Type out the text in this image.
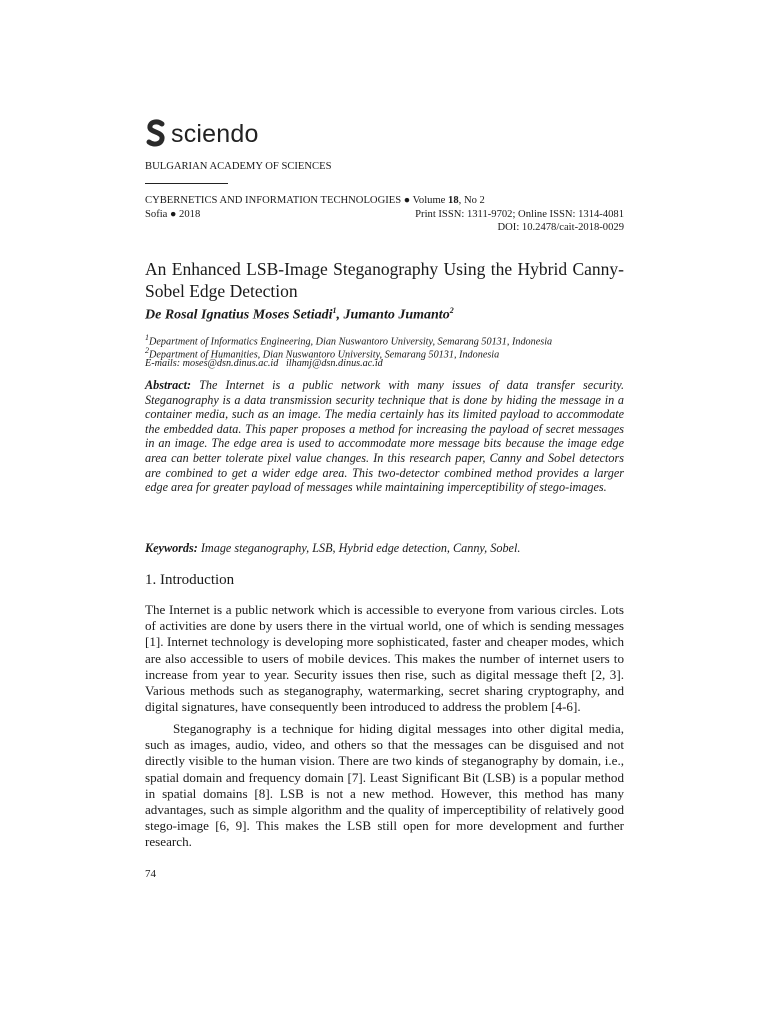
sciendo
BULGARIAN ACADEMY OF SCIENCES
CYBERNETICS AND INFORMATION TECHNOLOGIES ● Volume 18, No 2
Sofia ● 2018	Print ISSN: 1311-9702; Online ISSN: 1314-4081
DOI: 10.2478/cait-2018-0029
An Enhanced LSB-Image Steganography Using the Hybrid Canny-Sobel Edge Detection
De Rosal Ignatius Moses Setiadi$^1$, Jumanto Jumanto$^2$
$^1$Department of Informatics Engineering, Dian Nuswantoro University, Semarang 50131, Indonesia
$^2$Department of Humanities, Dian Nuswantoro University, Semarang 50131, Indonesia
E-mails: moses@dsn.dinus.ac.id   ilhamj@dsn.dinus.ac.id
Abstract: The Internet is a public network with many issues of data transfer security. Steganography is a data transmission security technique that is done by hiding the message in a container media, such as an image. The media certainly has its limited payload to accommodate the embedded data. This paper proposes a method for increasing the payload of secret messages in an image. The edge area is used to accommodate more message bits because the image edge area can better tolerate pixel value changes. In this research paper, Canny and Sobel detectors are combined to get a wider edge area. This two-detector combined method provides a larger edge area for greater payload of messages while maintaining imperceptibility of stego-images.
Keywords: Image steganography, LSB, Hybrid edge detection, Canny, Sobel.
1. Introduction
The Internet is a public network which is accessible to everyone from various circles. Lots of activities are done by users there in the virtual world, one of which is sending messages [1]. Internet technology is developing more sophisticated, faster and cheaper modes, which are also accessible to users of mobile devices. This makes the number of internet users to increase from year to year. Security issues then rise, such as digital message theft [2, 3]. Various methods such as steganography, watermarking, secret sharing cryptography, and digital signatures, have consequently been introduced to address the problem [4-6].
Steganography is a technique for hiding digital messages into other digital media, such as images, audio, video, and others so that the messages can be disguised and not directly visible to the human vision. There are two kinds of steganography by domain, i.e., spatial domain and frequency domain [7]. Least Significant Bit (LSB) is a popular method in spatial domains [8]. LSB is not a new method. However, this method has many advantages, such as simple algorithm and the quality of imperceptibility of relatively good stego-image [6, 9]. This makes the LSB still open for more development and further research.
74
